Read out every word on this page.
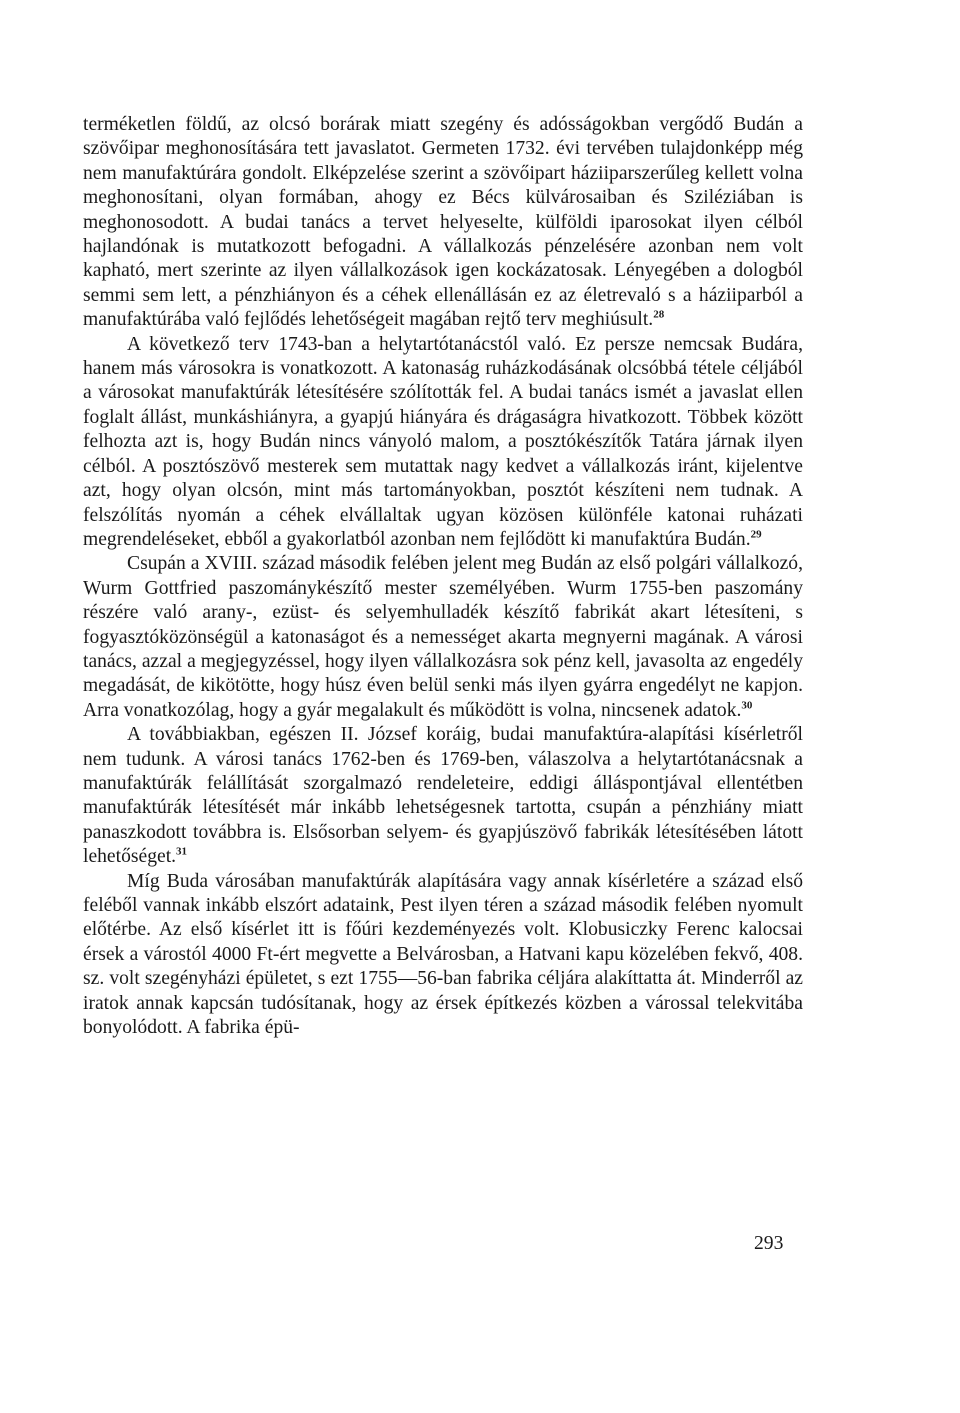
terméketlen földű, az olcsó borárak miatt szegény és adósságokban vergődő Budán a szövőipar meghonosítására tett javaslatot. Germeten 1732. évi tervében tulajdonképp még nem manufaktúrára gondolt. Elképzelése szerint a szövőipart háziiparszerűleg kellett volna meghonosítani, olyan formában, ahogy ez Bécs külvárosaiban és Sziléziában is meghonosodott. A budai tanács a tervet helyeselte, külföldi iparosokat ilyen célból hajlandónak is mutatkozott befogadni. A vállalkozás pénzelésére azonban nem volt kapható, mert szerinte az ilyen vállalkozások igen kockázatosak. Lényegében a dologból semmi sem lett, a pénzhiányon és a céhek ellenállásán ez az életrevaló s a háziiparból a manufaktúrába való fejlődés lehetőségeit magában rejtő terv meghiúsult.$^{28}$

A következő terv 1743-ban a helytartótanácstól való. Ez persze nemcsak Budára, hanem más városokra is vonatkozott. A katonaság ruházkodásának olcsóbbá tétele céljából a városokat manufaktúrák létesítésére szólították fel. A budai tanács ismét a javaslat ellen foglalt állást, munkáshiányra, a gyapjú hiányára és drágaságra hivatkozott. Többek között felhozta azt is, hogy Budán nincs ványoló malom, a posztókészítők Tatára járnak ilyen célból. A posztószövő mesterek sem mutattak nagy kedvet a vállalkozás iránt, kijelentve azt, hogy olyan olcsón, mint más tartományokban, posztót készíteni nem tudnak. A felszólítás nyomán a céhek elvállaltak ugyan közösen különféle katonai ruházati megrendeléseket, ebből a gyakorlatból azonban nem fejlődött ki manufaktúra Budán.$^{29}$

Csupán a XVIII. század második felében jelent meg Budán az első polgári vállalkozó, Wurm Gottfried paszománykészítő mester személyében. Wurm 1755-ben paszomány részére való arany-, ezüst- és selyemhulladék készítő fabrikát akart létesíteni, s fogyasztóközönségül a katonaságot és a nemességet akarta megnyerni magának. A városi tanács, azzal a megjegyzéssel, hogy ilyen vállalkozásra sok pénz kell, javasolta az engedély megadását, de kikötötte, hogy húsz éven belül senki más ilyen gyárra engedélyt ne kapjon. Arra vonatkozólag, hogy a gyár megalakult és működött is volna, nincsenek adatok.$^{30}$

A továbbiakban, egészen II. József koráig, budai manufaktúra-alapítási kísérletről nem tudunk. A városi tanács 1762-ben és 1769-ben, válaszolva a helytartótanácsnak a manufaktúrák felállítását szorgalmazó rendeleteire, eddigi álláspontjával ellentétben manufaktúrák létesítését már inkább lehetségesnek tartotta, csupán a pénzhiány miatt panaszkodott továbbra is. Elsősorban selyem- és gyapjúszövő fabrikák létesítésében látott lehetőséget.$^{31}$

Míg Buda városában manufaktúrák alapítására vagy annak kísérletére a század első feléből vannak inkább elszórt adataink, Pest ilyen téren a század második felében nyomult előtérbe. Az első kísérlet itt is főúri kezdeményezés volt. Klobusiczky Ferenc kalocsai érsek a várostól 4000 Ft-ért megvette a Belvárosban, a Hatvani kapu közelében fekvő, 408. sz. volt szegényházi épületet, s ezt 1755—56-ban fabrika céljára alakíttatta át. Minderről az iratok annak kapcsán tudósítanak, hogy az érsek építkezés közben a várossal telekvitába bonyolódott. A fabrika épü-

293
